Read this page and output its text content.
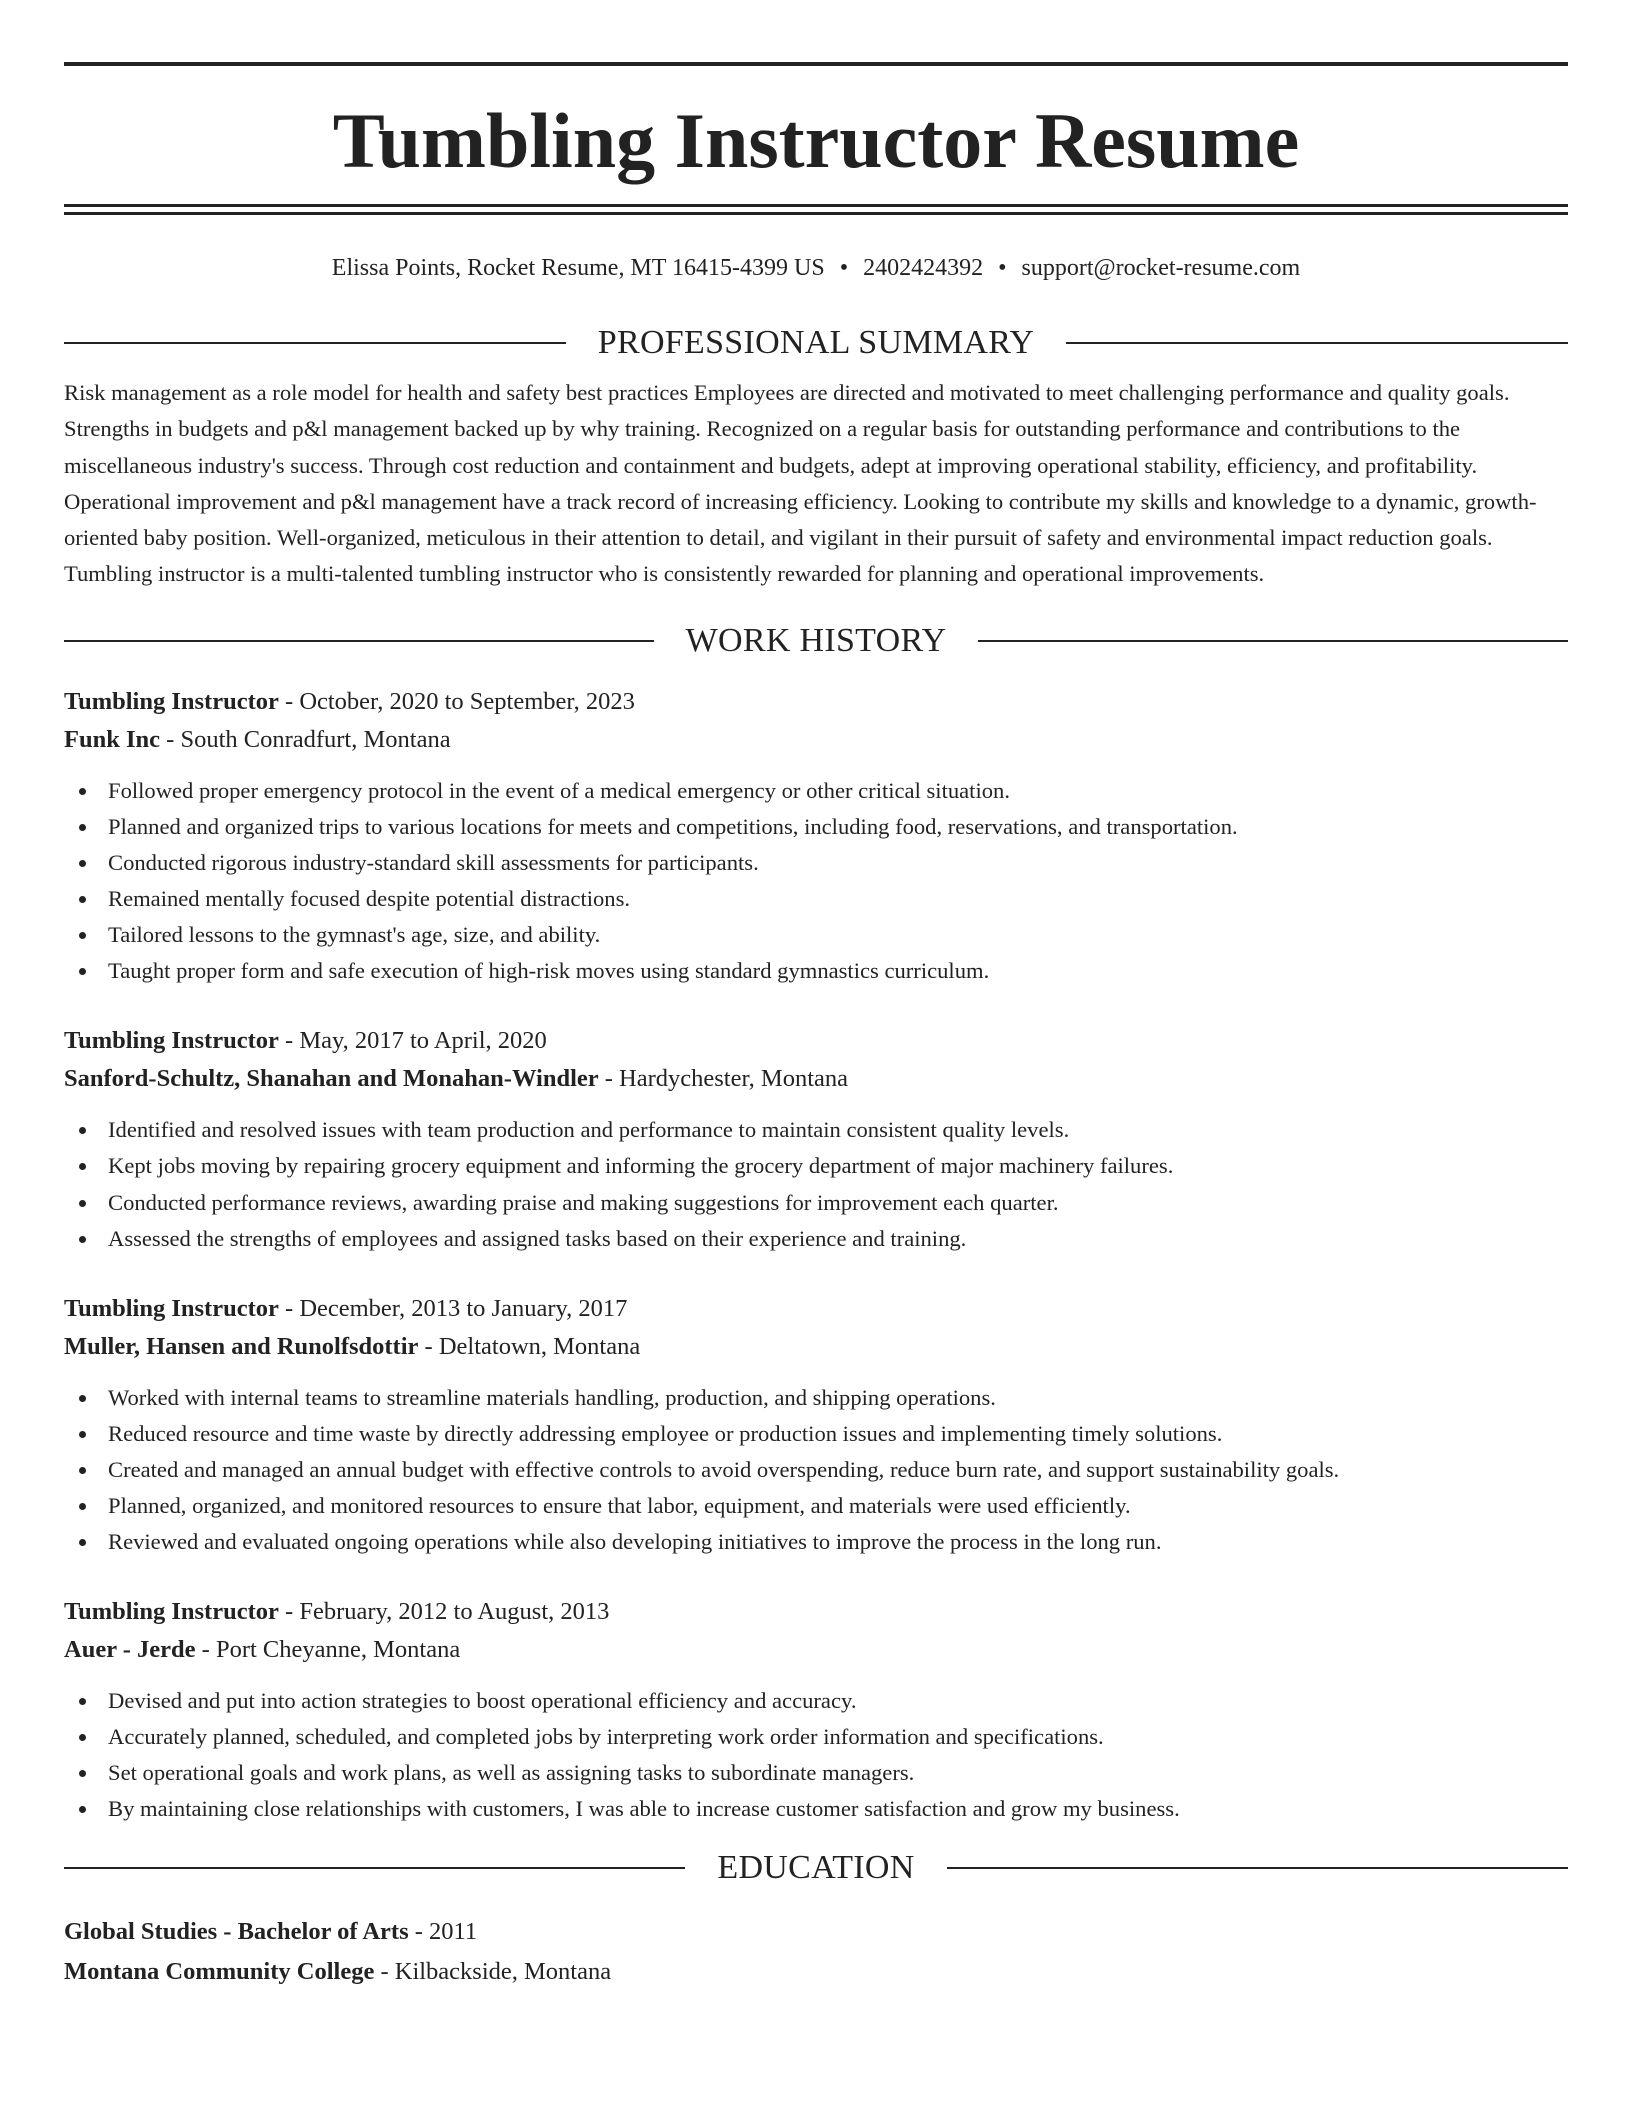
Tumbling Instructor Resume
Elissa Points, Rocket Resume, MT 16415-4399 US • 2402424392 • support@rocket-resume.com
PROFESSIONAL SUMMARY

Risk management as a role model for health and safety best practices Employees are directed and motivated to meet challenging performance and quality goals. Strengths in budgets and p&l management backed up by why training. Recognized on a regular basis for outstanding performance and contributions to the miscellaneous industry's success. Through cost reduction and containment and budgets, adept at improving operational stability, efficiency, and profitability. Operational improvement and p&l management have a track record of increasing efficiency. Looking to contribute my skills and knowledge to a dynamic, growth-oriented baby position. Well-organized, meticulous in their attention to detail, and vigilant in their pursuit of safety and environmental impact reduction goals. Tumbling instructor is a multi-talented tumbling instructor who is consistently rewarded for planning and operational improvements.

WORK HISTORY
Tumbling Instructor - October, 2020 to September, 2023
Funk Inc - South Conradfurt, Montana
Followed proper emergency protocol in the event of a medical emergency or other critical situation.
Planned and organized trips to various locations for meets and competitions, including food, reservations, and transportation.
Conducted rigorous industry-standard skill assessments for participants.
Remained mentally focused despite potential distractions.
Tailored lessons to the gymnast's age, size, and ability.
Taught proper form and safe execution of high-risk moves using standard gymnastics curriculum.
Tumbling Instructor - May, 2017 to April, 2020
Sanford-Schultz, Shanahan and Monahan-Windler - Hardychester, Montana
Identified and resolved issues with team production and performance to maintain consistent quality levels.
Kept jobs moving by repairing grocery equipment and informing the grocery department of major machinery failures.
Conducted performance reviews, awarding praise and making suggestions for improvement each quarter.
Assessed the strengths of employees and assigned tasks based on their experience and training.
Tumbling Instructor - December, 2013 to January, 2017
Muller, Hansen and Runolfsdottir - Deltatown, Montana
Worked with internal teams to streamline materials handling, production, and shipping operations.
Reduced resource and time waste by directly addressing employee or production issues and implementing timely solutions.
Created and managed an annual budget with effective controls to avoid overspending, reduce burn rate, and support sustainability goals.
Planned, organized, and monitored resources to ensure that labor, equipment, and materials were used efficiently.
Reviewed and evaluated ongoing operations while also developing initiatives to improve the process in the long run.
Tumbling Instructor - February, 2012 to August, 2013
Auer - Jerde - Port Cheyanne, Montana
Devised and put into action strategies to boost operational efficiency and accuracy.
Accurately planned, scheduled, and completed jobs by interpreting work order information and specifications.
Set operational goals and work plans, as well as assigning tasks to subordinate managers.
By maintaining close relationships with customers, I was able to increase customer satisfaction and grow my business.
EDUCATION
Global Studies - Bachelor of Arts - 2011
Montana Community College - Kilbackside, Montana
